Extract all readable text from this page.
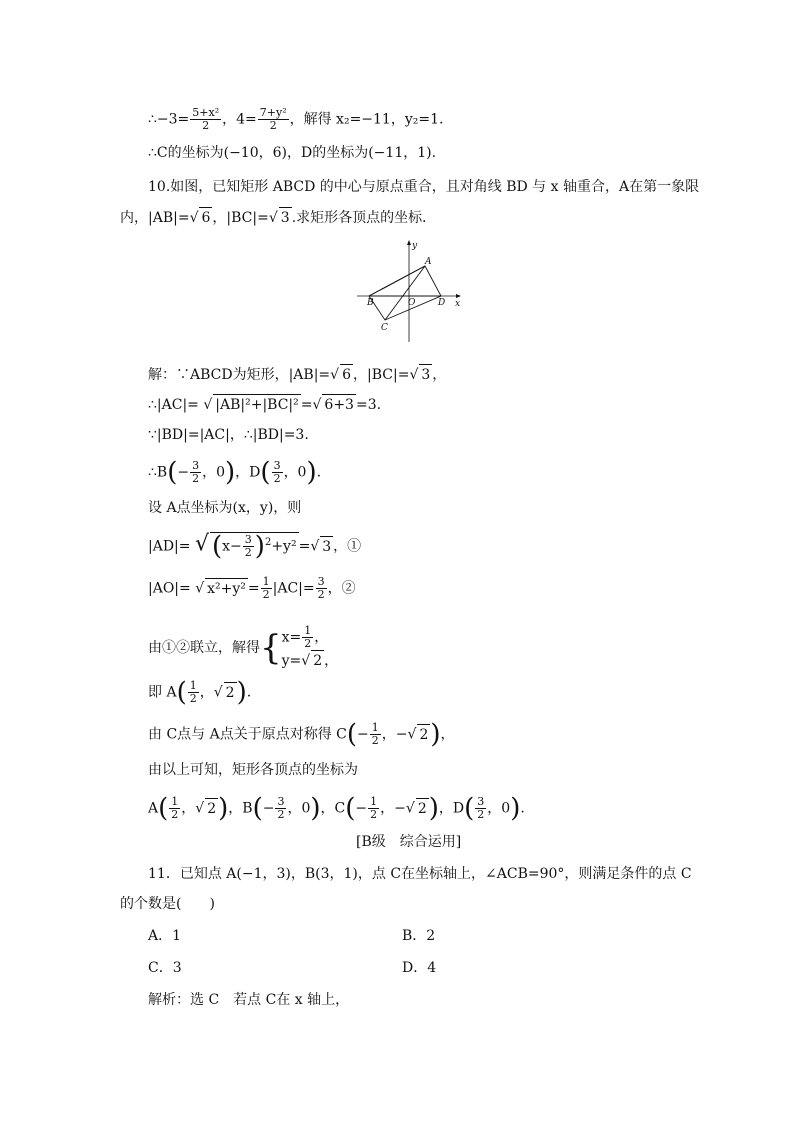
∴−3= $\frac{\text{5+x²}}{2}$ ，$4= \frac{\text{7+y²}}{2}$ ，解得 x₂=−11，y₂=1.
∴C的坐标为(−10，6)，D的坐标为(−11，1).
10.如图，已知矩形 ABCD 的中心与原点重合，且对角线 BD 与 x 轴重合，A在第一象限
内，|AB|=√ 6 ，|BC|=√ 3 .求矩形各顶点的坐标．
y
x
A
B
C
D
O
解：∵ABCD为矩形，|AB|=√ 6 ，|BC|=√ 3 ，
∴|AC|= √ |AB|²+|BC|² =√ 6+3 =3.
∵|BD|=|AC|，∴|BD|=3.
∴B(− $\frac{3}{2}$ ，0)，$D( \frac{3}{2}$ ，0).
设 A点坐标为(x，y)，则
|AD|= √ $(x- \frac{3}{2} )^2+y^2$ =√ 3 ，①
|AO|= √ $x^2+y^2 = \frac{1}{2} |AC|= \frac{3}{2}$ ，②
由①②联立，解得{ $x= \frac{1}{2}$ ，
y=√ 2 ，
即 $A( \frac{1}{2}$ ，√ 2).
由 C点与 A点关于原点对称得 $C(- \frac{1}{2}$ ，−√ 2)，
由以上可知，矩形各顶点的坐标为
$A( \frac{1}{2}$ ，√ 2)，$B(- \frac{3}{2}$ ，0)，$C(- \frac{1}{2}$ ，−√ 2)，$D( \frac{3}{2}$ ，0).
[B级　综合运用]
11．已知点 A(−1，3)，B(3，1)，点 C在坐标轴上，∠ACB=90°，则满足条件的点 C
的个数是(　　)
A．1	B．2
C．3	D．4
解析：选 C　若点 C在 x 轴上，
